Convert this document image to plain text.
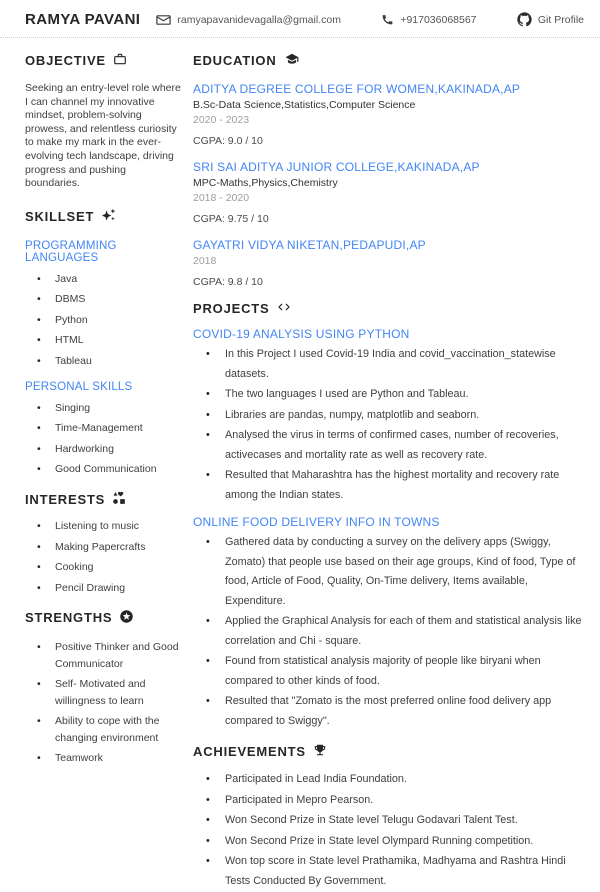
RAMYA PAVANI	ramyapavanidevagalla@gmail.com	+917036068567	Git Profile
OBJECTIVE

Seeking an entry-level role where I can channel my innovative mindset, problem-solving prowess, and relentless curiosity to make my mark in the ever-evolving tech landscape, driving progress and pushing boundaries.

SKILLSET
PROGRAMMING LANGUAGES
• Java
• DBMS
• Python
• HTML
• Tableau
PERSONAL SKILLS
• Singing
• Time-Management
• Hardworking
• Good Communication
INTERESTS
• Listening to music
• Making Papercrafts
• Cooking
• Pencil Drawing
STRENGTHS
• Positive Thinker and Good Communicator
• Self- Motivated and willingness to learn
• Ability to cope with the changing environment
• Teamwork
EDUCATION
ADITYA DEGREE COLLEGE FOR WOMEN,KAKINADA,AP
B.Sc-Data Science,Statistics,Computer Science
2020 - 2023
CGPA: 9.0 / 10
SRI SAI ADITYA JUNIOR COLLEGE,KAKINADA,AP
MPC-Maths,Physics,Chemistry
2018 - 2020
CGPA: 9.75 / 10
GAYATRI VIDYA NIKETAN,PEDAPUDI,AP
2018
CGPA: 9.8 / 10
PROJECTS
COVID-19 ANALYSIS USING PYTHON
• In this Project I used Covid-19 India and covid_vaccination_statewise datasets.
• The two languages I used are Python and Tableau.
• Libraries are pandas, numpy, matplotlib and seaborn.
• Analysed the virus in terms of confirmed cases, number of recoveries, activecases and mortality rate as well as recovery rate.
• Resulted that Maharashtra has the highest mortality and recovery rate among the Indian states.
ONLINE FOOD DELIVERY INFO IN TOWNS
• Gathered data by conducting a survey on the delivery apps (Swiggy, Zomato) that people use based on their age groups, Kind of food, Type of food, Article of Food, Quality, On-Time delivery, Items available, Expenditure.
• Applied the Graphical Analysis for each of them and statistical analysis like correlation and Chi - square.
• Found from statistical analysis majority of people like biryani when compared to other kinds of food.
• Resulted that "Zomato is the most preferred online food delivery app compared to Swiggy".
ACHIEVEMENTS
• Participated in Lead India Foundation.
• Participated in Mepro Pearson.
• Won Second Prize in State level Telugu Godavari Talent Test.
• Won Second Prize in State level Olympard Running competition.
• Won top score in State level Prathamika, Madhyama and Rashtra Hindi Tests Conducted By Government.
